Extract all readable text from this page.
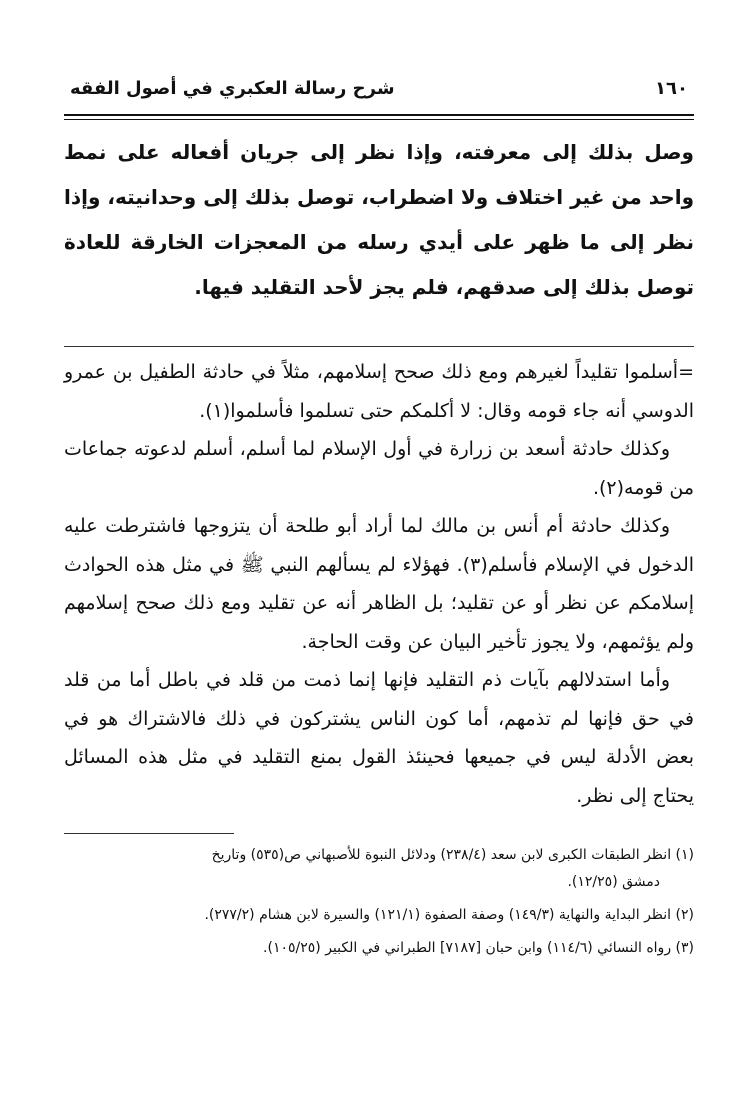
١٦٠
شرح رسالة العكبري في أصول الفقه

وصل بذلك إلى معرفته، وإذا نظر إلى جريان أفعاله على نمط واحد من غير اختلاف ولا اضطراب، توصل بذلك إلى وحدانيته، وإذا نظر إلى ما ظهر على أيدي رسله من المعجزات الخارقة للعادة توصل بذلك إلى صدقهم، فلم يجز لأحد التقليد فيها.

=أسلموا تقليداً لغيرهم ومع ذلك صحح إسلامهم، مثلاً في حادثة الطفيل بن عمرو الدوسي أنه جاء قومه وقال: لا أكلمكم حتى تسلموا فأسلموا(١).

وكذلك حادثة أسعد بن زرارة في أول الإسلام لما أسلم، أسلم لدعوته جماعات من قومه(٢).

وكذلك حادثة أم أنس بن مالك لما أراد أبو طلحة أن يتزوجها فاشترطت عليه الدخول في الإسلام فأسلم(٣). فهؤلاء لم يسألهم النبي ﷺ في مثل هذه الحوادث إسلامكم عن نظر أو عن تقليد؛ بل الظاهر أنه عن تقليد ومع ذلك صحح إسلامهم ولم يؤثمهم، ولا يجوز تأخير البيان عن وقت الحاجة.

وأما استدلالهم بآيات ذم التقليد فإنها إنما ذمت من قلد في باطل أما من قلد في حق فإنها لم تذمهم، أما كون الناس يشتركون في ذلك فالاشتراك هو في بعض الأدلة ليس في جميعها فحينئذ القول بمنع التقليد في مثل هذه المسائل يحتاج إلى نظر.

(١) انظر الطبقات الكبرى لابن سعد (٢٣٨/٤) ودلائل النبوة للأصبهاني ص(٥٣٥) وتاريخ
دمشق (١٢/٢٥).
(٢) انظر البداية والنهاية (١٤٩/٣) وصفة الصفوة (١٢١/١) والسيرة لابن هشام (٢٧٧/٢).
(٣) رواه النسائي (١١٤/٦) وابن حبان [٧١٨٧] الطبراني في الكبير (١٠٥/٢٥).
